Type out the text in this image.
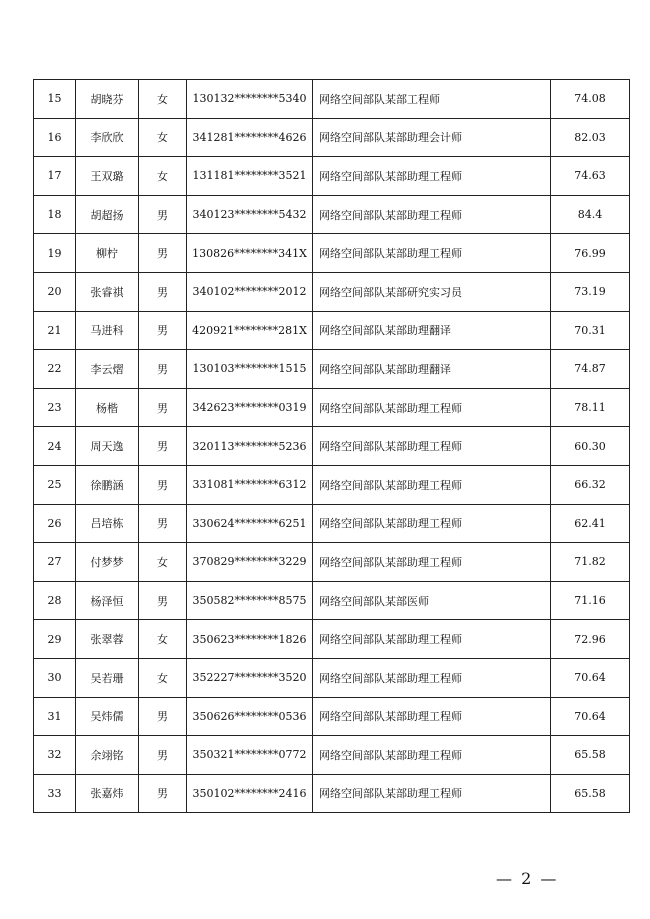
15	胡晓芬	女	130132********5340	网络空间部队某部工程师	74.08
16	李欣欣	女	341281********4626	网络空间部队某部助理会计师	82.03
17	王双璐	女	131181********3521	网络空间部队某部助理工程师	74.63
18	胡超扬	男	340123********5432	网络空间部队某部助理工程师	84.4
19	柳柠	男	130826********341X	网络空间部队某部助理工程师	76.99
20	张睿祺	男	340102********2012	网络空间部队某部研究实习员	73.19
21	马进科	男	420921********281X	网络空间部队某部助理翻译	70.31
22	李云熠	男	130103********1515	网络空间部队某部助理翻译	74.87
23	杨楷	男	342623********0319	网络空间部队某部助理工程师	78.11
24	周天逸	男	320113********5236	网络空间部队某部助理工程师	60.30
25	徐鹏涵	男	331081********6312	网络空间部队某部助理工程师	66.32
26	吕培栋	男	330624********6251	网络空间部队某部助理工程师	62.41
27	付梦梦	女	370829********3229	网络空间部队某部助理工程师	71.82
28	杨泽恒	男	350582********8575	网络空间部队某部医师	71.16
29	张翠蓉	女	350623********1826	网络空间部队某部助理工程师	72.96
30	吴若珊	女	352227********3520	网络空间部队某部助理工程师	70.64
31	吴炜儒	男	350626********0536	网络空间部队某部助理工程师	70.64
32	余翊铭	男	350321********0772	网络空间部队某部助理工程师	65.58
33	张嘉炜	男	350102********2416	网络空间部队某部助理工程师	65.58
— 2 —
